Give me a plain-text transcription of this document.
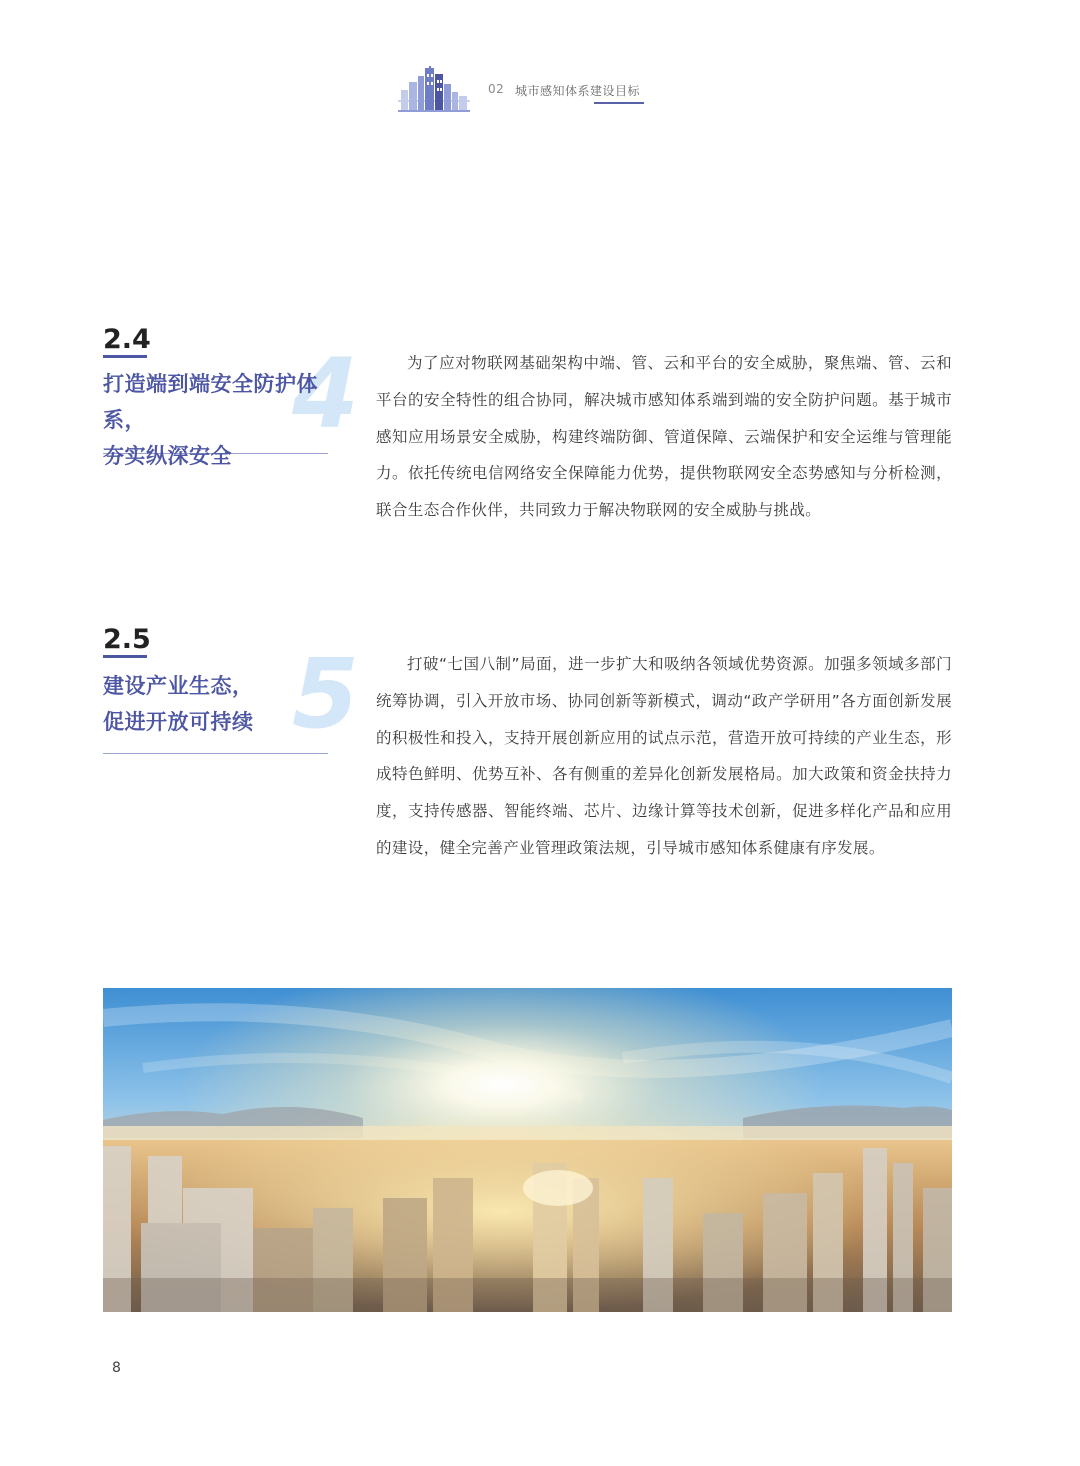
02 城市感知体系建设目标
2.4 4
打造端到端安全防护体系，
夯实纵深安全

为了应对物联网基础架构中端、管、云和平台的安全威胁，聚焦端、管、云和平台的安全特性的组合协同，解决城市感知体系端到端的安全防护问题。基于城市感知应用场景安全威胁，构建终端防御、管道保障、云端保护和安全运维与管理能力。依托传统电信网络安全保障能力优势，提供物联网安全态势感知与分析检测，联合生态合作伙伴，共同致力于解决物联网的安全威胁与挑战。

2.5 5
建设产业生态，
促进开放可持续

打破“七国八制”局面，进一步扩大和吸纳各领域优势资源。加强多领域多部门统筹协调，引入开放市场、协同创新等新模式，调动“政产学研用”各方面创新发展的积极性和投入，支持开展创新应用的试点示范，营造开放可持续的产业生态，形成特色鲜明、优势互补、各有侧重的差异化创新发展格局。加大政策和资金扶持力度，支持传感器、智能终端、芯片、边缘计算等技术创新，促进多样化产品和应用的建设，健全完善产业管理政策法规，引导城市感知体系健康有序发展。

8
